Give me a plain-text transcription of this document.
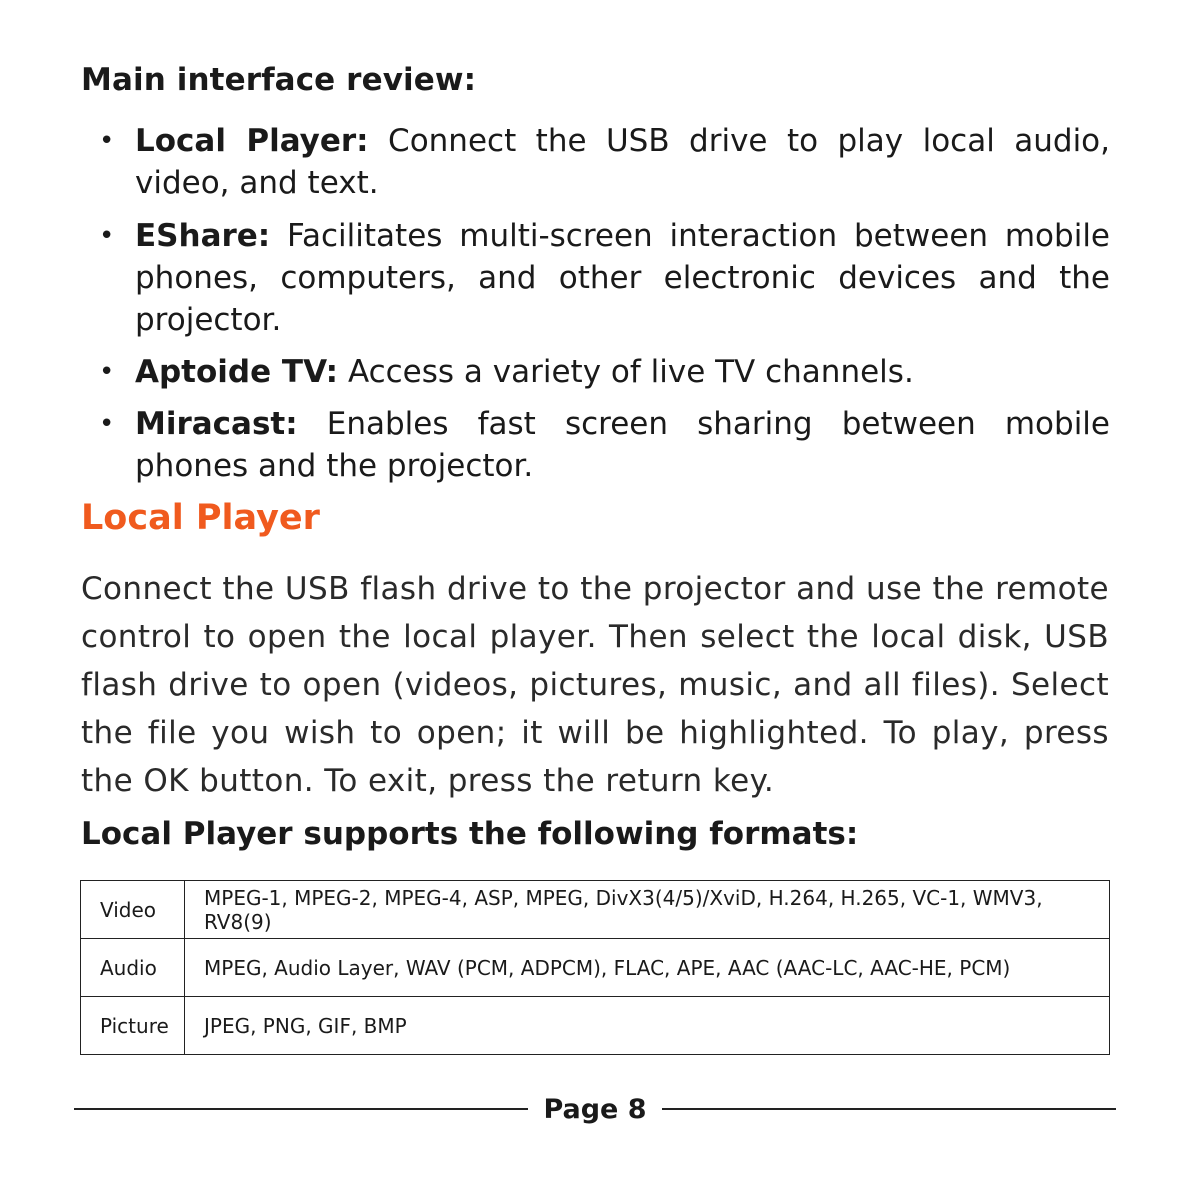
Main interface review:
• Local Player: Connect the USB drive to play local audio, video, and text.
• EShare: Facilitates multi-screen interaction between mobile phones, computers, and other electronic devices and the projector.
• Aptoide TV: Access a variety of live TV channels.
• Miracast: Enables fast screen sharing between mobile phones and the projector.
Local Player

Connect the USB flash drive to the projector and use the remote control to open the local player. Then select the local disk, USB flash drive to open (videos, pictures, music, and all files). Select the file you wish to open; it will be highlighted. To play, press the OK button. To exit, press the return key.

Local Player supports the following formats:
Video	MPEG-1, MPEG-2, MPEG-4, ASP, MPEG, DivX3(4/5)/XviD, H.264, H.265, VC-1, WMV3, RV8(9)
Audio	MPEG, Audio Layer, WAV (PCM, ADPCM), FLAC, APE, AAC (AAC-LC, AAC-HE, PCM)
Picture	JPEG, PNG, GIF, BMP
Page 8
